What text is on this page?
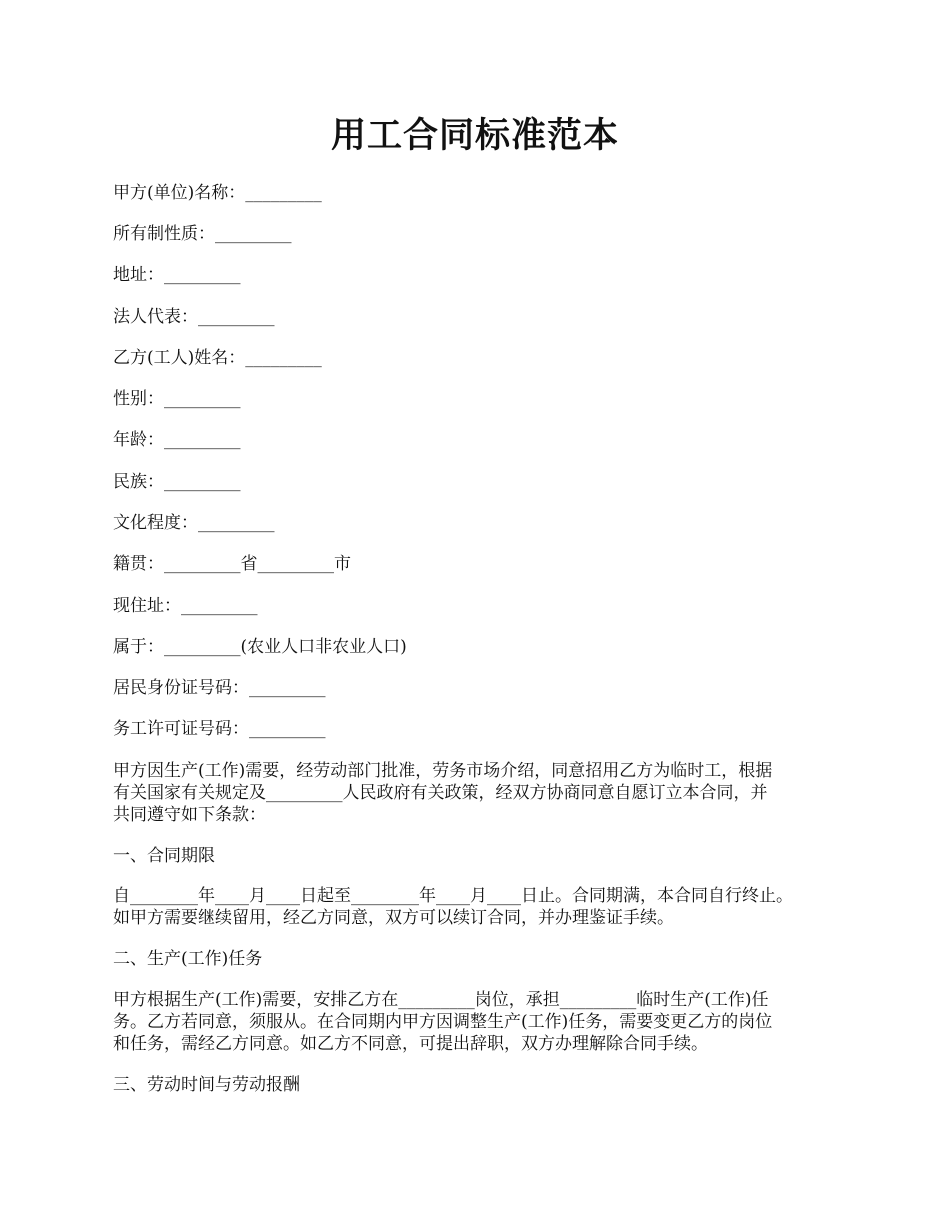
用工合同标准范本
甲方(单位)名称：_________
所有制性质：_________
地址：_________
法人代表：_________
乙方(工人)姓名：_________
性别：_________
年龄：_________
民族：_________
文化程度：_________
籍贯：_________省_________市
现住址：_________
属于：_________(农业人口非农业人口)
居民身份证号码：_________
务工许可证号码：_________
甲方因生产(工作)需要，经劳动部门批准，劳务市场介绍，同意招用乙方为临时工，根据
有关国家有关规定及_________人民政府有关政策，经双方协商同意自愿订立本合同，并
共同遵守如下条款：
一、合同期限
自________年____月____日起至________年____月____日止。合同期满，本合同自行终止。
如甲方需要继续留用，经乙方同意，双方可以续订合同，并办理鉴证手续。
二、生产(工作)任务
甲方根据生产(工作)需要，安排乙方在_________岗位，承担_________临时生产(工作)任
务。乙方若同意，须服从。在合同期内甲方因调整生产(工作)任务，需要变更乙方的岗位
和任务，需经乙方同意。如乙方不同意，可提出辞职，双方办理解除合同手续。
三、劳动时间与劳动报酬
